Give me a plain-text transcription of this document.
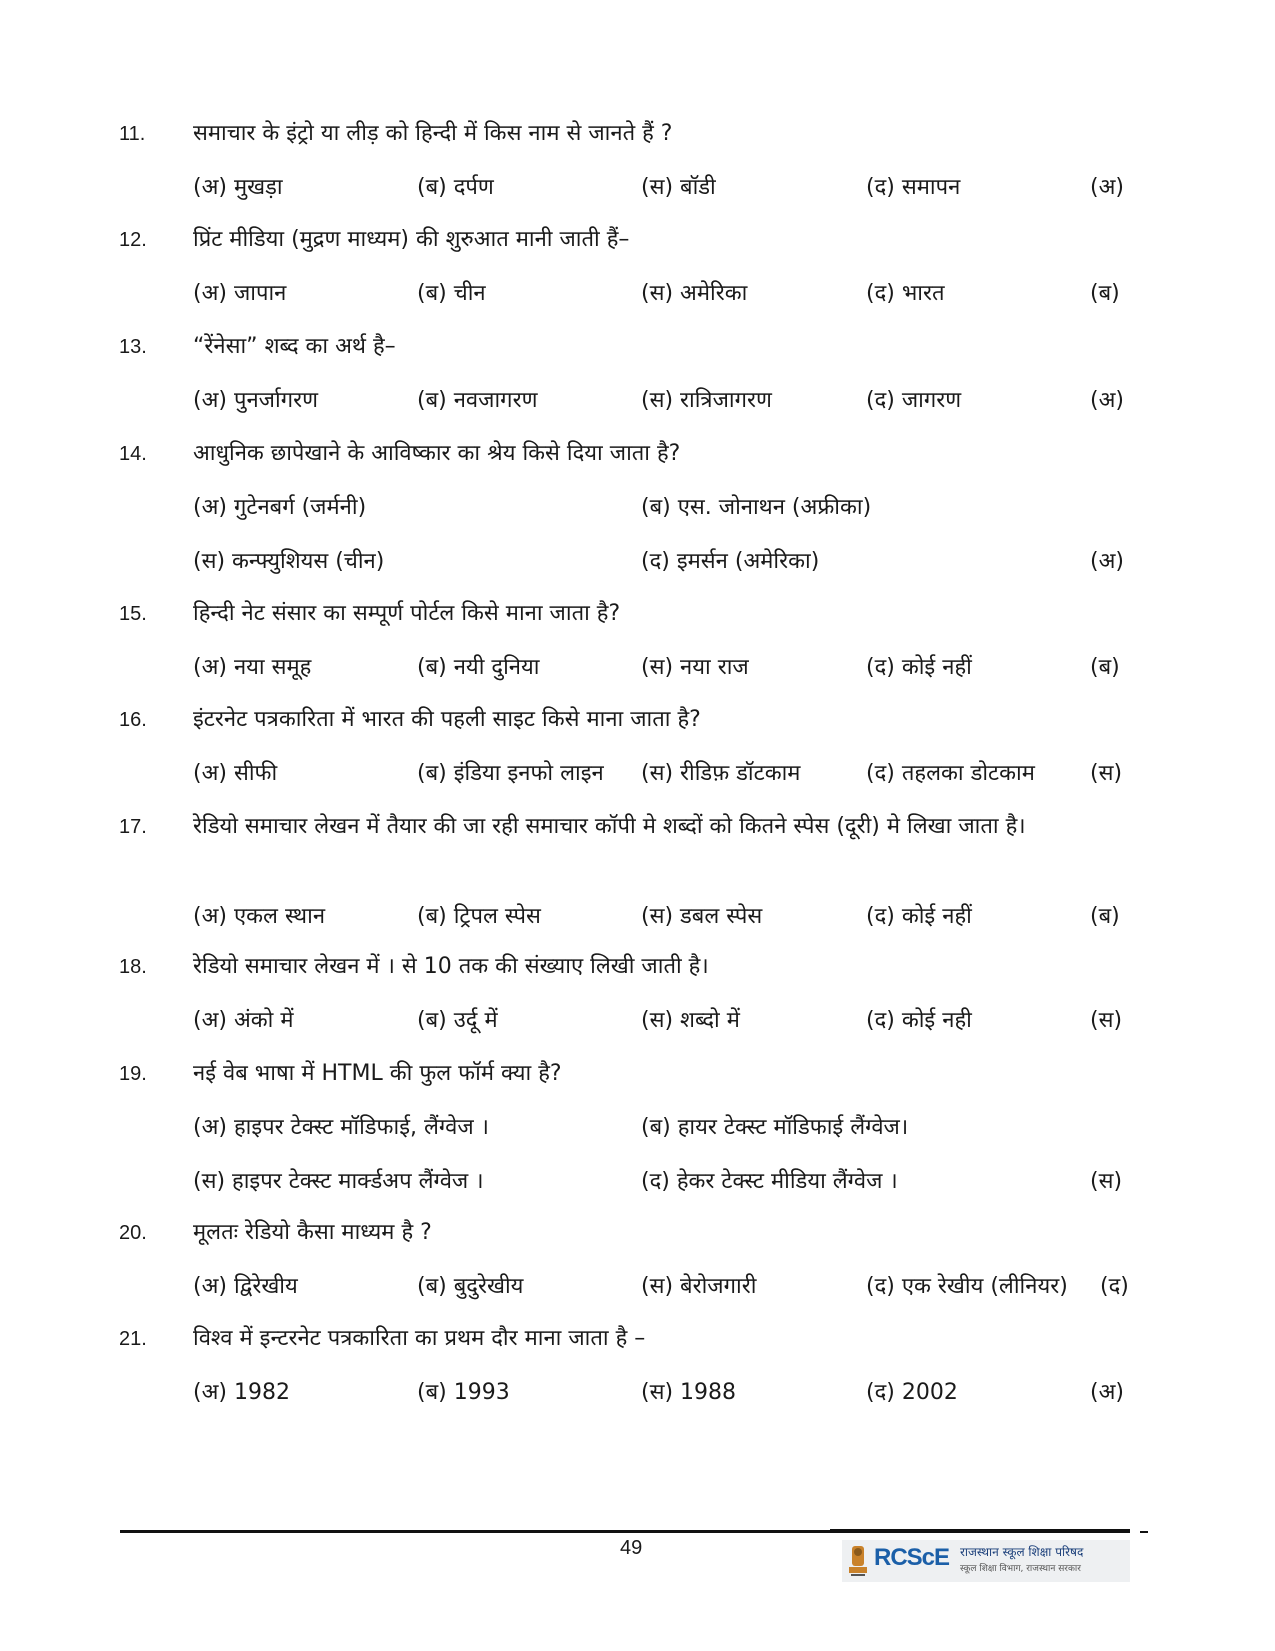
11. समाचार के इंट्रो या लीड़ को हिन्दी में किस नाम से जानते हैं ?
(अ) मुखड़ा	(ब) दर्पण	(स) बॉडी	(द) समापन	(अ)
12. प्रिंट मीडिया (मुद्रण माध्यम) की शुरुआत मानी जाती हैं–
(अ) जापान	(ब) चीन	(स) अमेरिका	(द) भारत	(ब)
13. “रेंनेसा” शब्द का अर्थ है–
(अ) पुनर्जागरण	(ब) नवजागरण	(स) रात्रिजागरण	(द) जागरण	(अ)
14. आधुनिक छापेखाने के आविष्कार का श्रेय किसे दिया जाता है?
(अ) गुटेनबर्ग (जर्मनी)	(ब) एस. जोनाथन (अफ्रीका)
(स) कन्फ्युशियस (चीन)	(द) इमर्सन (अमेरिका)	(अ)
15. हिन्दी नेट संसार का सम्पूर्ण पोर्टल किसे माना जाता है?
(अ) नया समूह	(ब) नयी दुनिया	(स) नया राज	(द) कोई नहीं	(ब)
16. इंटरनेट पत्रकारिता में भारत की पहली साइट किसे माना जाता है?
(अ) सीफी	(ब) इंडिया इनफो लाइन (स) रीडिफ़ डॉटकाम	(द) तहलका डोटकाम	(स)
17. रेडियो समाचार लेखन में तैयार की जा रही समाचार कॉपी मे शब्दों को कितने स्पेस (दूरी) मे लिखा जाता है।
(अ) एकल स्थान	(ब) ट्रिपल स्पेस	(स) डबल स्पेस	(द) कोई नहीं	(ब)
18. रेडियो समाचार लेखन में । से 10 तक की संख्याए लिखी जाती है।
(अ) अंको में	(ब) उर्दू में	(स) शब्दो में	(द) कोई नही	(स)
19. नई वेब भाषा में HTML की फुल फॉर्म क्या है?
(अ) हाइपर टेक्स्ट मॉडिफाई, लैंग्वेज ।	(ब) हायर टेक्स्ट मॉडिफाई लैंग्वेज।
(स) हाइपर टेक्स्ट मार्क्डअप लैंग्वेज ।	(द) हेकर टेक्स्ट मीडिया लैंग्वेज ।	(स)
20. मूलतः रेडियो कैसा माध्यम है ?
(अ) द्विरेखीय	(ब) बुदुरेखीय	(स) बेरोजगारी	(द) एक रेखीय (लीनियर) (द)
21. विश्व में इन्टरनेट पत्रकारिता का प्रथम दौर माना जाता है –
(अ) 1982	(ब) 1993	(स) 1988	(द) 2002	(अ)
49	RCScE राजस्थान स्कूल शिक्षा परिषद
स्कूल शिक्षा विभाग, राजस्थान सरकार
